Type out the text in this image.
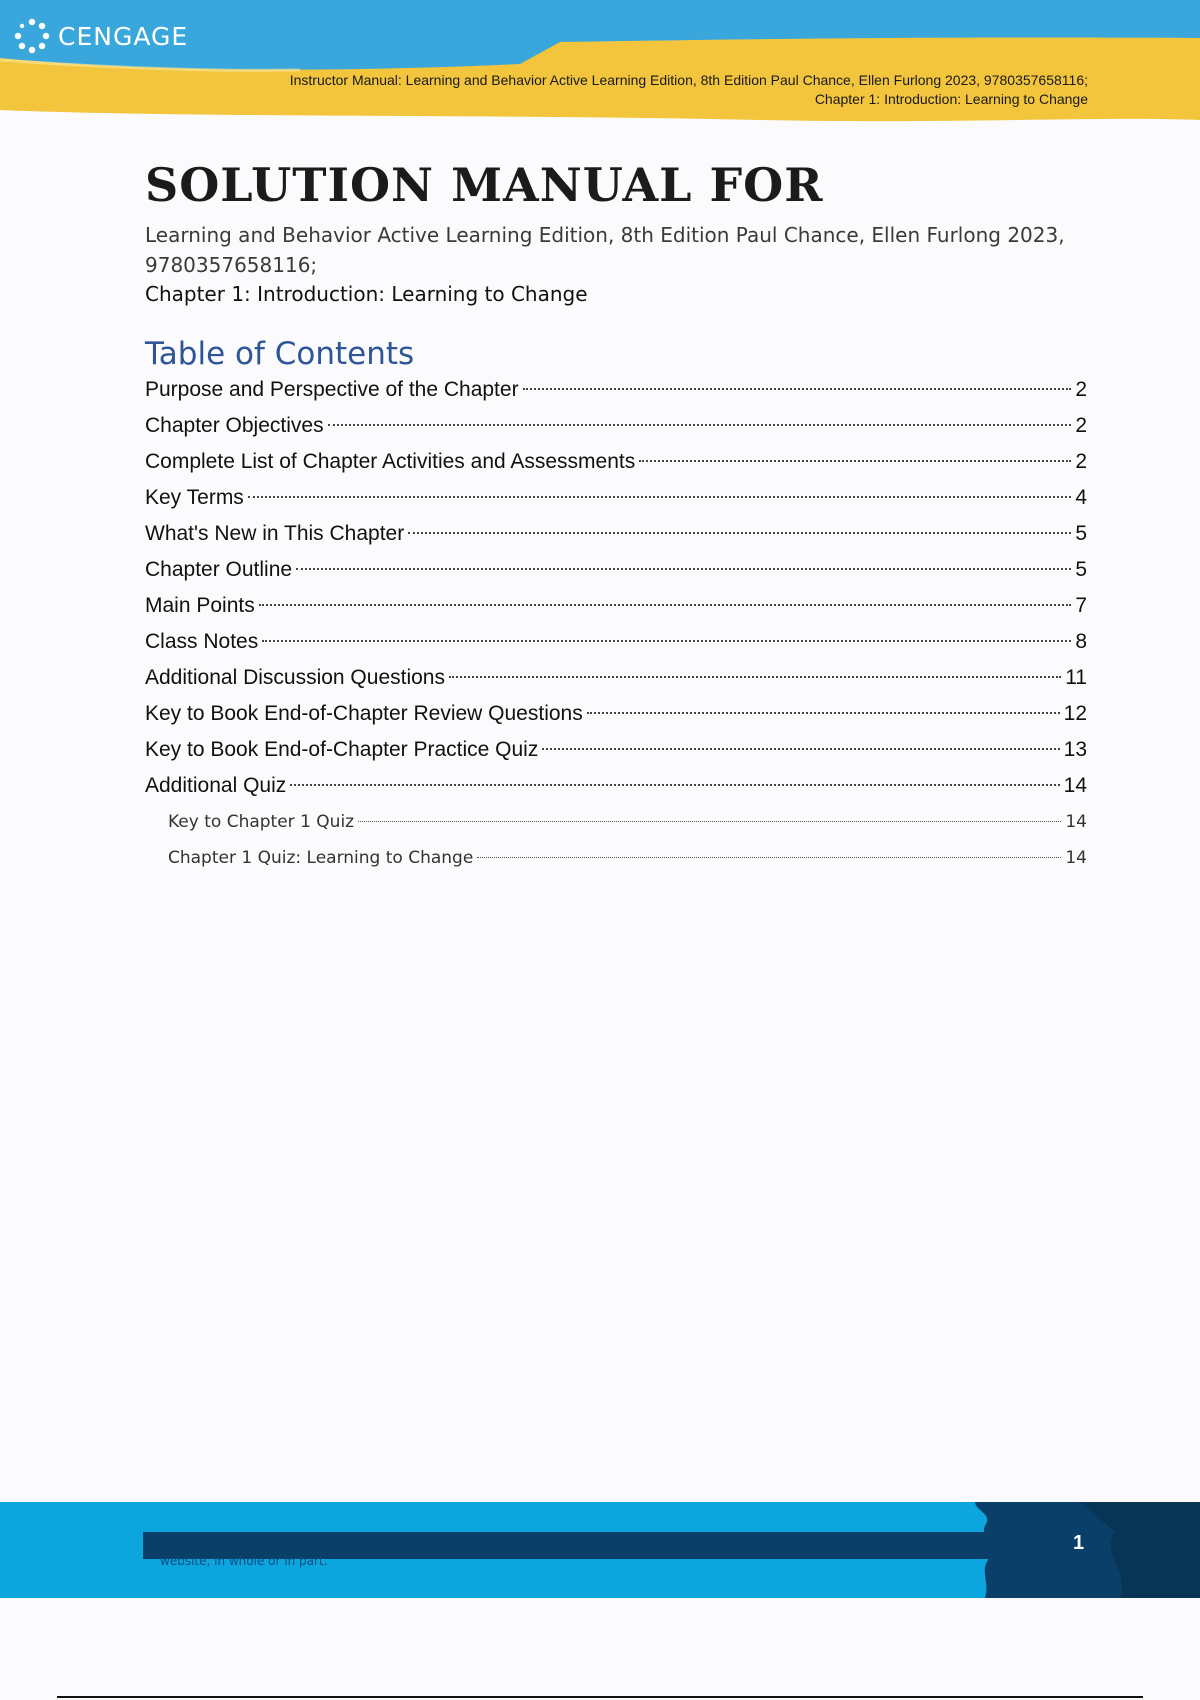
CENGAGE
Instructor Manual: Learning and Behavior Active Learning Edition, 8th Edition Paul Chance, Ellen Furlong 2023, 9780357658116;
Chapter 1: Introduction: Learning to Change
SOLUTION MANUAL FOR

Learning and Behavior Active Learning Edition, 8th Edition Paul Chance, Ellen Furlong 2023, 9780357658116;

Chapter 1: Introduction: Learning to Change

Table of Contents
Purpose and Perspective of the Chapter	2
Chapter Objectives	2
Complete List of Chapter Activities and Assessments	2
Key Terms	4
What's New in This Chapter	5
Chapter Outline	5
Main Points	7
Class Notes	8
Additional Discussion Questions	11
Key to Book End-of-Chapter Review Questions	12
Key to Book End-of-Chapter Practice Quiz	13
Additional Quiz	14
Key to Chapter 1 Quiz	14
Chapter 1 Quiz: Learning to Change	14
website, in whole or in part.
1
